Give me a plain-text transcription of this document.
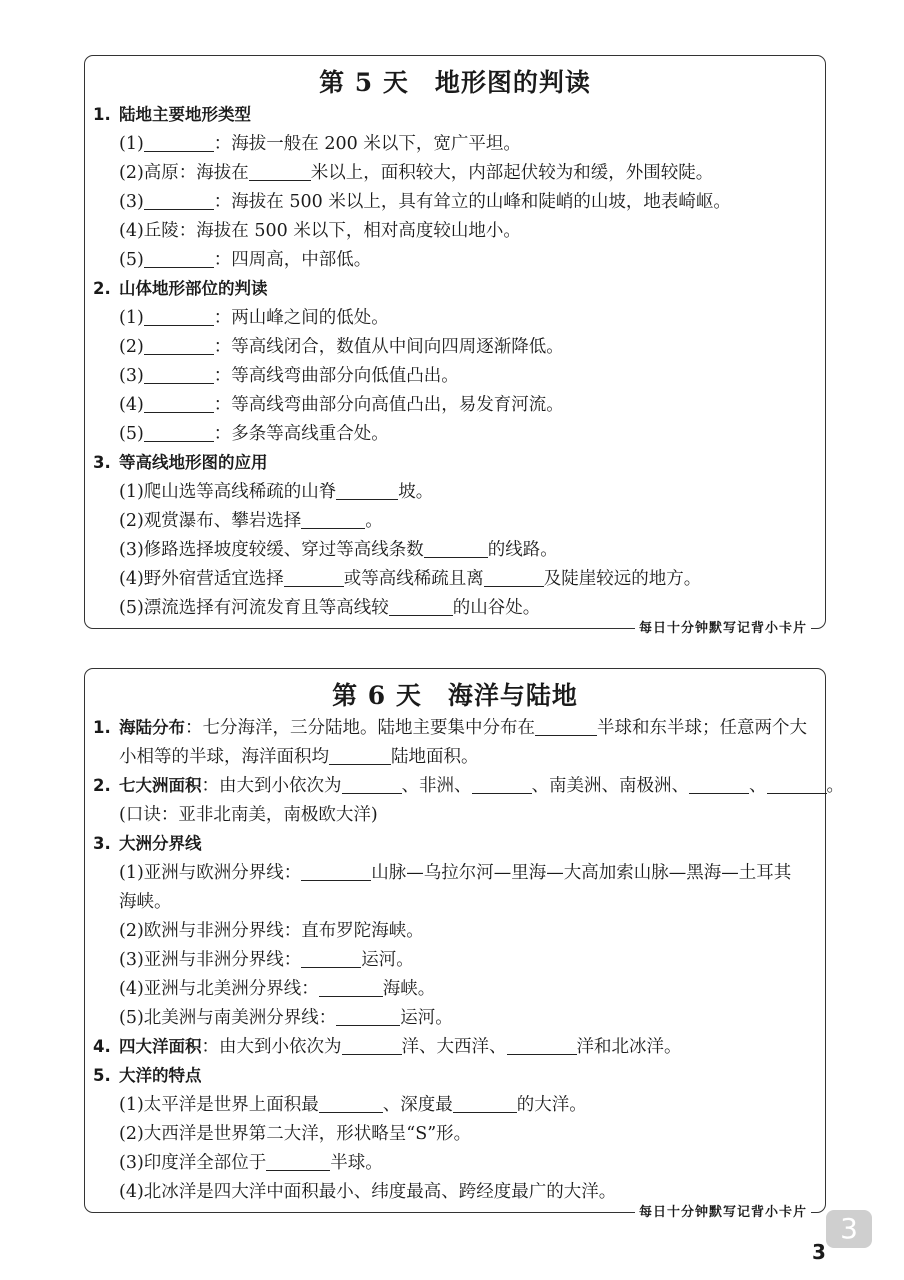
第 5 天　地形图的判读
1. 陆地主要地形类型
(1)	：海拔一般在 200 米以下，宽广平坦。
(2)高原：海拔在	米以上，面积较大，内部起伏较为和缓，外围较陡。
(3)	：海拔在 500 米以上，具有耸立的山峰和陡峭的山坡，地表崎岖。
(4)丘陵：海拔在 500 米以下，相对高度较山地小。
(5)	：四周高，中部低。
2. 山体地形部位的判读
(1)	：两山峰之间的低处。
(2)	：等高线闭合，数值从中间向四周逐渐降低。
(3)	：等高线弯曲部分向低值凸出。
(4)	：等高线弯曲部分向高值凸出，易发育河流。
(5)	：多条等高线重合处。
3. 等高线地形图的应用
(1)爬山选等高线稀疏的山脊	坡。
(2)观赏瀑布、攀岩选择	。
(3)修路选择坡度较缓、穿过等高线条数	的线路。
(4)野外宿营适宜选择	或等高线稀疏且离	及陡崖较远的地方。
(5)漂流选择有河流发育且等高线较	的山谷处。
每日十分钟默写记背小卡片
第 6 天　海洋与陆地
1. 海陆分布：七分海洋，三分陆地。陆地主要集中分布在	半球和东半球；任意两个大
小相等的半球，海洋面积均	陆地面积。
2. 七大洲面积：由大到小依次为	、非洲、	、南美洲、南极洲、	、	。
(口诀：亚非北南美，南极欧大洋)
3. 大洲分界线
(1)亚洲与欧洲分界线：	山脉—乌拉尔河—里海—大高加索山脉—黑海—土耳其
海峡。
(2)欧洲与非洲分界线：直布罗陀海峡。
(3)亚洲与非洲分界线：	运河。
(4)亚洲与北美洲分界线：	海峡。
(5)北美洲与南美洲分界线：	运河。
4. 四大洋面积：由大到小依次为	洋、大西洋、	洋和北冰洋。
5. 大洋的特点
(1)太平洋是世界上面积最	、深度最	的大洋。
(2)大西洋是世界第二大洋，形状略呈“S”形。
(3)印度洋全部位于	半球。
(4)北冰洋是四大洋中面积最小、纬度最高、跨经度最广的大洋。
每日十分钟默写记背小卡片	3
3
